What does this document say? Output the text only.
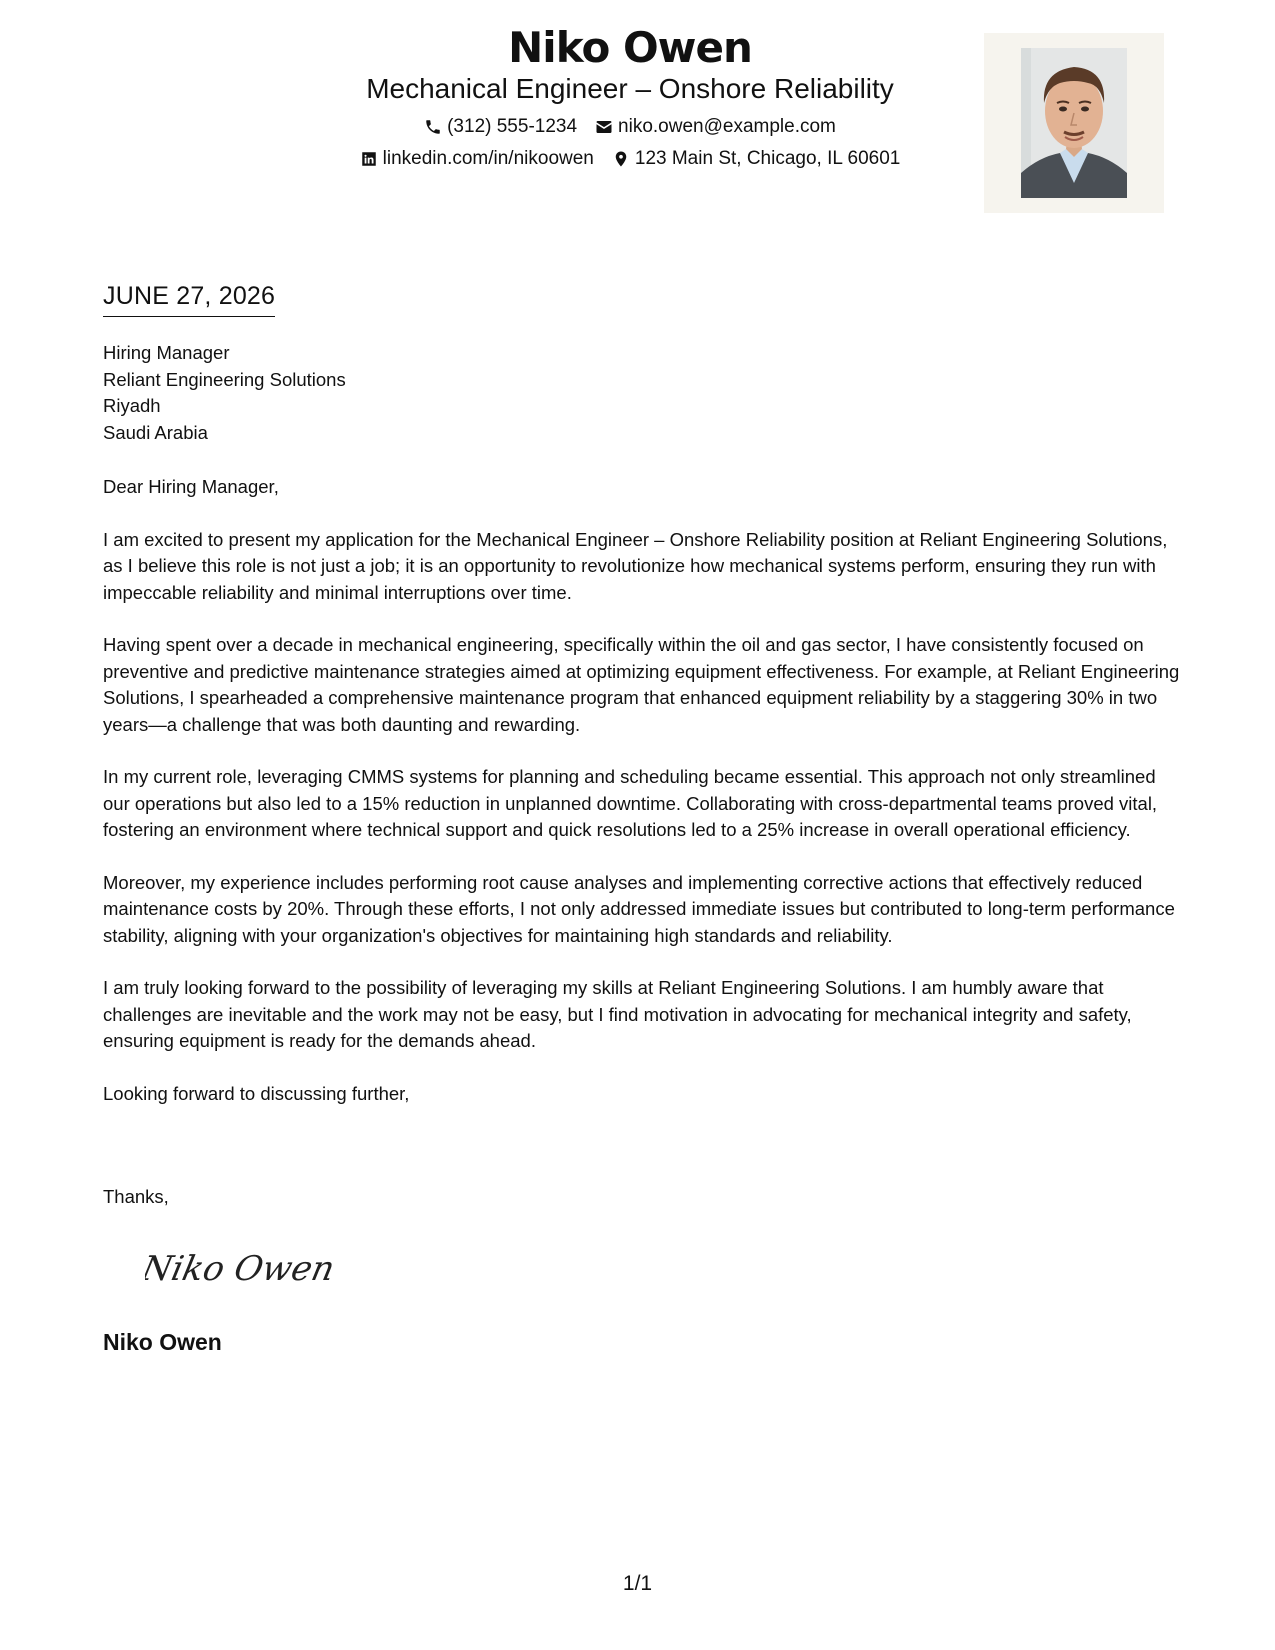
Niko Owen
Mechanical Engineer – Onshore Reliability
(312) 555-1234 niko.owen@example.com
linkedin.com/in/nikoowen 123 Main St, Chicago, IL 60601
JUNE 27, 2026
Hiring Manager
Reliant Engineering Solutions
Riyadh
Saudi Arabia

Dear Hiring Manager,

I am excited to present my application for the Mechanical Engineer – Onshore Reliability position at Reliant Engineering Solutions, as I believe this role is not just a job; it is an opportunity to revolutionize how mechanical systems perform, ensuring they run with impeccable reliability and minimal interruptions over time.

Having spent over a decade in mechanical engineering, specifically within the oil and gas sector, I have consistently focused on preventive and predictive maintenance strategies aimed at optimizing equipment effectiveness. For example, at Reliant Engineering Solutions, I spearheaded a comprehensive maintenance program that enhanced equipment reliability by a staggering 30% in two years—a challenge that was both daunting and rewarding.

In my current role, leveraging CMMS systems for planning and scheduling became essential. This approach not only streamlined our operations but also led to a 15% reduction in unplanned downtime. Collaborating with cross-departmental teams proved vital, fostering an environment where technical support and quick resolutions led to a 25% increase in overall operational efficiency.

Moreover, my experience includes performing root cause analyses and implementing corrective actions that effectively reduced maintenance costs by 20%. Through these efforts, I not only addressed immediate issues but contributed to long-term performance stability, aligning with your organization's objectives for maintaining high standards and reliability.

I am truly looking forward to the possibility of leveraging my skills at Reliant Engineering Solutions. I am humbly aware that challenges are inevitable and the work may not be easy, but I find motivation in advocating for mechanical integrity and safety, ensuring equipment is ready for the demands ahead.

Looking forward to discussing further,

Thanks,
Niko Owen
Niko Owen
1/1
